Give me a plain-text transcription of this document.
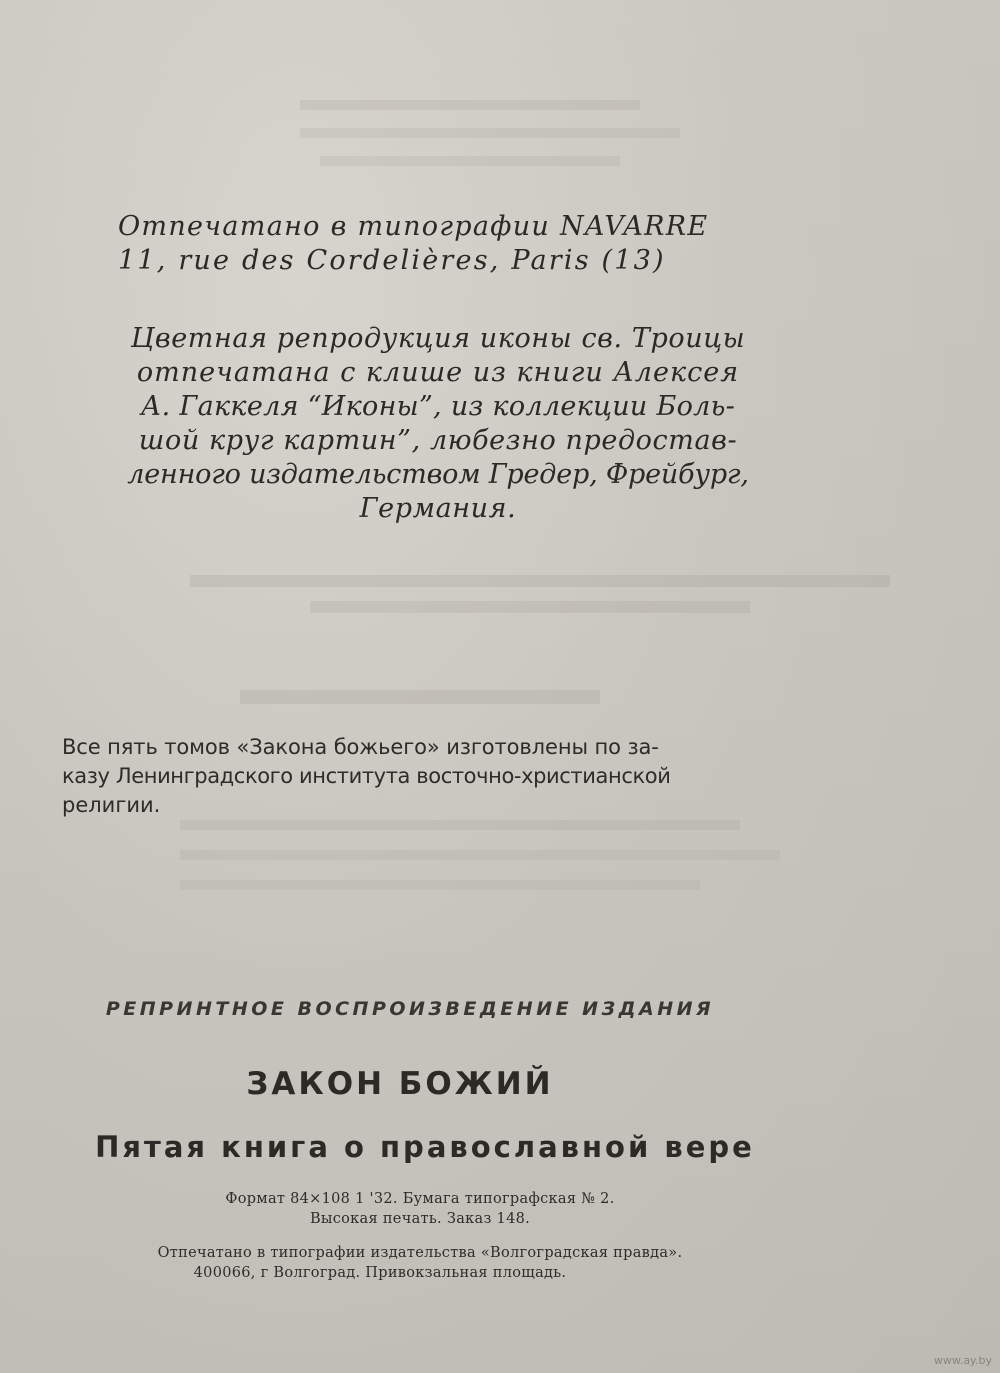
Отпечатано в типографии NAVARRE
11, rue des Cordelières, Paris (13)
Цветная репродукция иконы св. Троицы
отпечатана с клише из книги Алексея
А. Гаккеля “Иконы”, из коллекции Боль-
шой круг картин”, любезно предостав-
ленного издательством Гредер, Фрейбург,
Германия.
Все пять томов «Закона божьего» изготовлены по за-
казу Ленинградского института восточно-христианской
религии.
РЕПРИНТНОЕ ВОСПРОИЗВЕДЕНИЕ ИЗДАНИЯ
ЗАКОН БОЖИЙ
Пятая книга о православной вере
Формат 84×108 1 '32. Бумага типографская № 2.
Высокая печать. Заказ 148.
Отпечатано в типографии издательства «Волгоградская правда».
400066, г Волгоград. Привокзальная площадь.
www.ay.by
